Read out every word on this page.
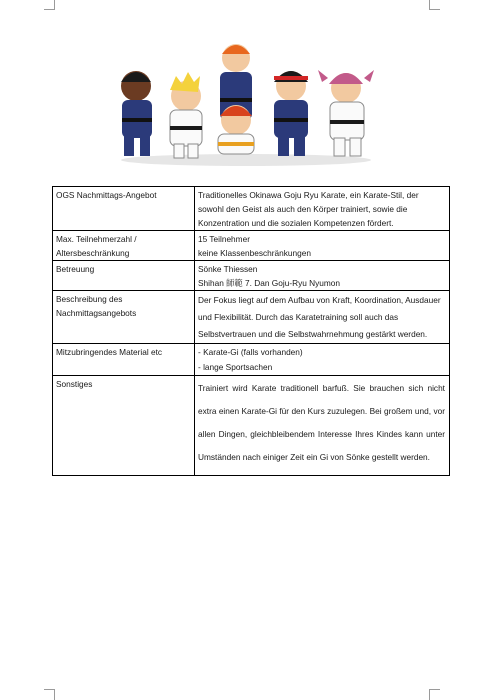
OGS Nachmittags-Angebot	Traditionelles Okinawa Goju Ryu Karate, ein Karate-Stil, der sowohl den Geist als auch den Körper trainiert, sowie die Konzentration und die sozialen Kompetenzen fördert.

Max. Teilnehmerzahl / Altersbeschränkung	15 Teilnehmer

keine Klassenbeschränkungen

Betreuung	Sönke Thiessen

Shihan 師範 7. Dan Goju-Ryu Nyumon

Beschreibung des Nachmittagsangebots	Der Fokus liegt auf dem Aufbau von Kraft, Koordination, Ausdauer und Flexibilität. Durch das Karatetraining soll auch das Selbstvertrauen und die Selbstwahrnehmung gestärkt werden.

Mitzubringendes Material etc	- Karate-Gi (falls vorhanden)

- lange Sportsachen

Sonstiges	Trainiert wird Karate traditionell barfuß. Sie brauchen sich nicht extra einen Karate-Gi für den Kurs zuzulegen. Bei großem und, vor allen Dingen, gleichbleibendem Interesse Ihres Kindes kann unter Umständen nach einiger Zeit ein Gi von Sönke gestellt werden.
